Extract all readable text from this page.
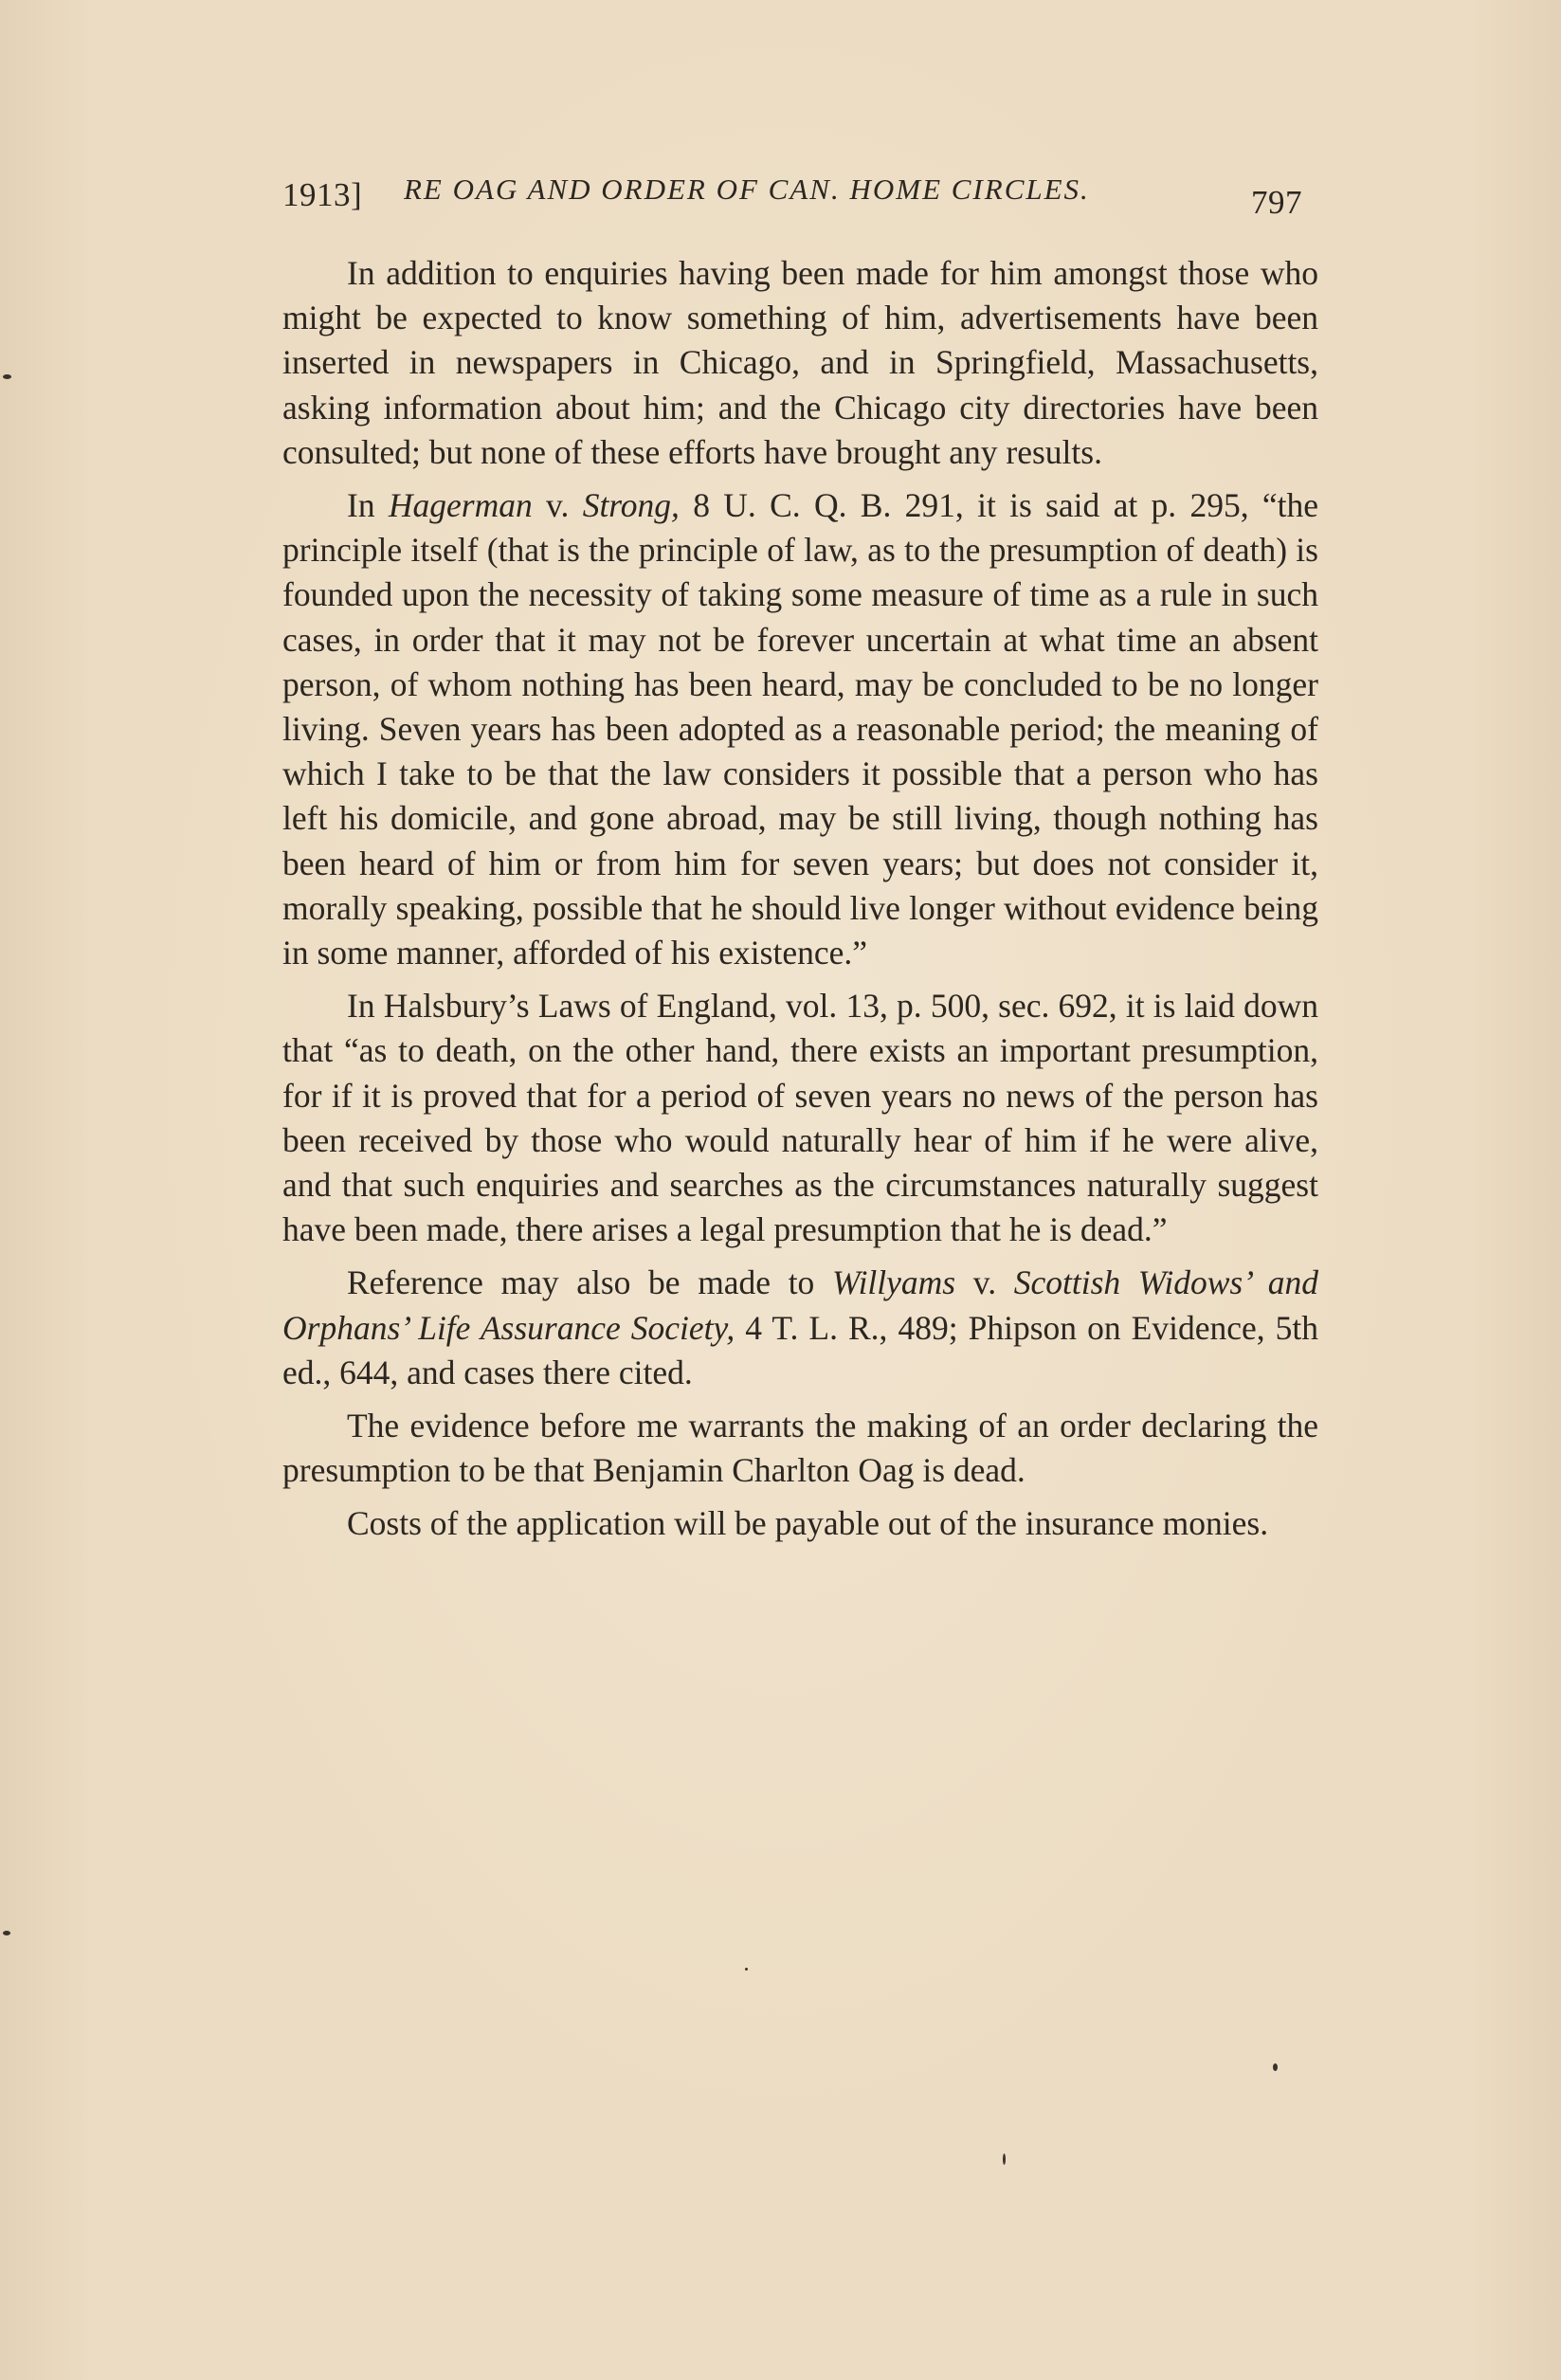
1913] RE OAG AND ORDER OF CAN. HOME CIRCLES.	797

In addition to enquiries having been made for him amongst those who might be expected to know something of him, advertisements have been inserted in newspapers in Chicago, and in Springfield, Massachusetts, asking information about him; and the Chicago city directories have been consulted; but none of these efforts have brought any results.

In Hagerman v. Strong, 8 U. C. Q. B. 291, it is said at p. 295, “the principle itself (that is the principle of law, as to the presumption of death) is founded upon the necessity of taking some measure of time as a rule in such cases, in order that it may not be forever uncertain at what time an absent person, of whom nothing has been heard, may be concluded to be no longer living. Seven years has been adopted as a reasonable period; the meaning of which I take to be that the law considers it possible that a person who has left his domicile, and gone abroad, may be still living, though nothing has been heard of him or from him for seven years; but does not consider it, morally speaking, possible that he should live longer without evidence being in some manner, afforded of his existence.”

In Halsbury’s Laws of England, vol. 13, p. 500, sec. 692, it is laid down that “as to death, on the other hand, there exists an important presumption, for if it is proved that for a period of seven years no news of the person has been received by those who would naturally hear of him if he were alive, and that such enquiries and searches as the circumstances naturally suggest have been made, there arises a legal presumption that he is dead.”

Reference may also be made to Willyams v. Scottish Widows’ and Orphans’ Life Assurance Society, 4 T. L. R., 489; Phipson on Evidence, 5th ed., 644, and cases there cited.

The evidence before me warrants the making of an order declaring the presumption to be that Benjamin Charlton Oag is dead.

Costs of the application will be payable out of the insurance monies.
